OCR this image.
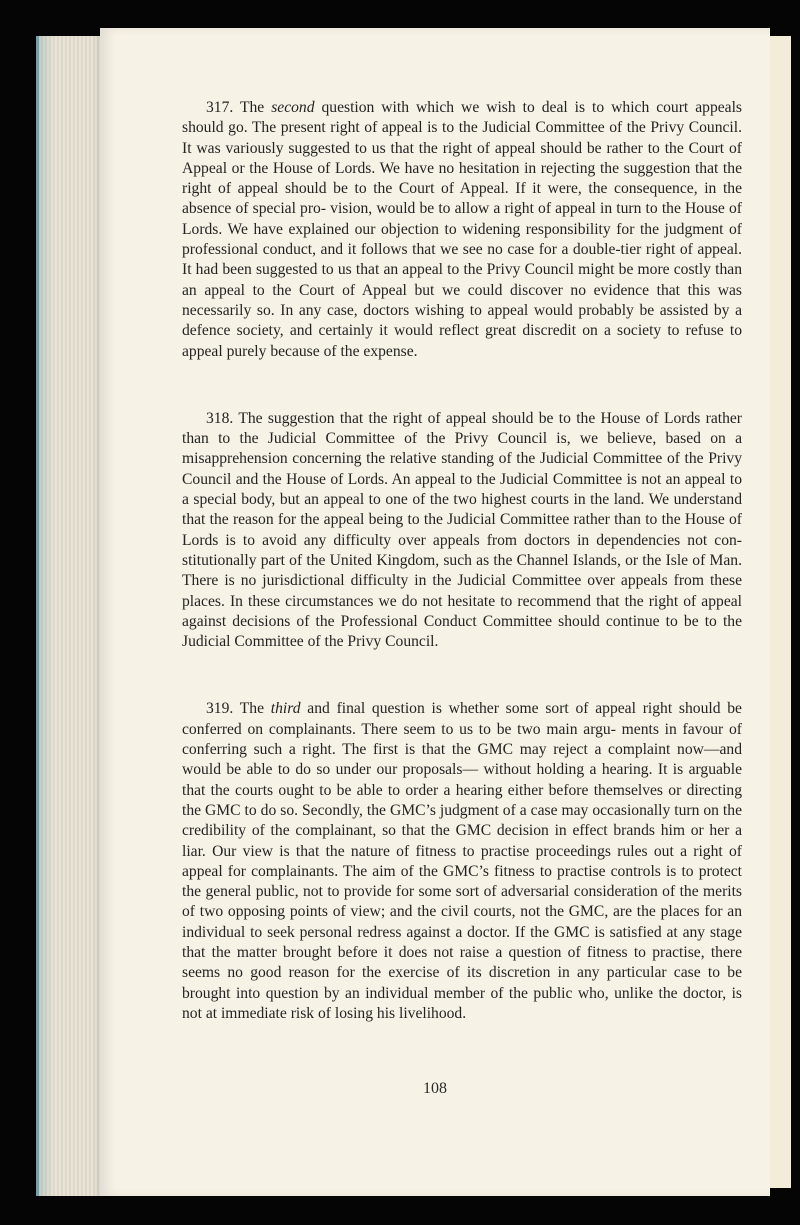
317. The second question with which we wish to deal is to which court appeals should go. The present right of appeal is to the Judicial Committee of the Privy Council. It was variously suggested to us that the right of appeal should be rather to the Court of Appeal or the House of Lords. We have no hesitation in rejecting the suggestion that the right of appeal should be to the Court of Appeal. If it were, the consequence, in the absence of special pro- vision, would be to allow a right of appeal in turn to the House of Lords. We have explained our objection to widening responsibility for the judgment of professional conduct, and it follows that we see no case for a double-tier right of appeal. It had been suggested to us that an appeal to the Privy Council might be more costly than an appeal to the Court of Appeal but we could discover no evidence that this was necessarily so. In any case, doctors wishing to appeal would probably be assisted by a defence society, and certainly it would reflect great discredit on a society to refuse to appeal purely because of the expense.

318. The suggestion that the right of appeal should be to the House of Lords rather than to the Judicial Committee of the Privy Council is, we believe, based on a misapprehension concerning the relative standing of the Judicial Committee of the Privy Council and the House of Lords. An appeal to the Judicial Committee is not an appeal to a special body, but an appeal to one of the two highest courts in the land. We understand that the reason for the appeal being to the Judicial Committee rather than to the House of Lords is to avoid any difficulty over appeals from doctors in dependencies not con- stitutionally part of the United Kingdom, such as the Channel Islands, or the Isle of Man. There is no jurisdictional difficulty in the Judicial Committee over appeals from these places. In these circumstances we do not hesitate to recommend that the right of appeal against decisions of the Professional Conduct Committee should continue to be to the Judicial Committee of the Privy Council.

319. The third and final question is whether some sort of appeal right should be conferred on complainants. There seem to us to be two main argu- ments in favour of conferring such a right. The first is that the GMC may reject a complaint now—and would be able to do so under our proposals— without holding a hearing. It is arguable that the courts ought to be able to order a hearing either before themselves or directing the GMC to do so. Secondly, the GMC’s judgment of a case may occasionally turn on the credibility of the complainant, so that the GMC decision in effect brands him or her a liar. Our view is that the nature of fitness to practise proceedings rules out a right of appeal for complainants. The aim of the GMC’s fitness to practise controls is to protect the general public, not to provide for some sort of adversarial consideration of the merits of two opposing points of view; and the civil courts, not the GMC, are the places for an individual to seek personal redress against a doctor. If the GMC is satisfied at any stage that the matter brought before it does not raise a question of fitness to practise, there seems no good reason for the exercise of its discretion in any particular case to be brought into question by an individual member of the public who, unlike the doctor, is not at immediate risk of losing his livelihood.

108
